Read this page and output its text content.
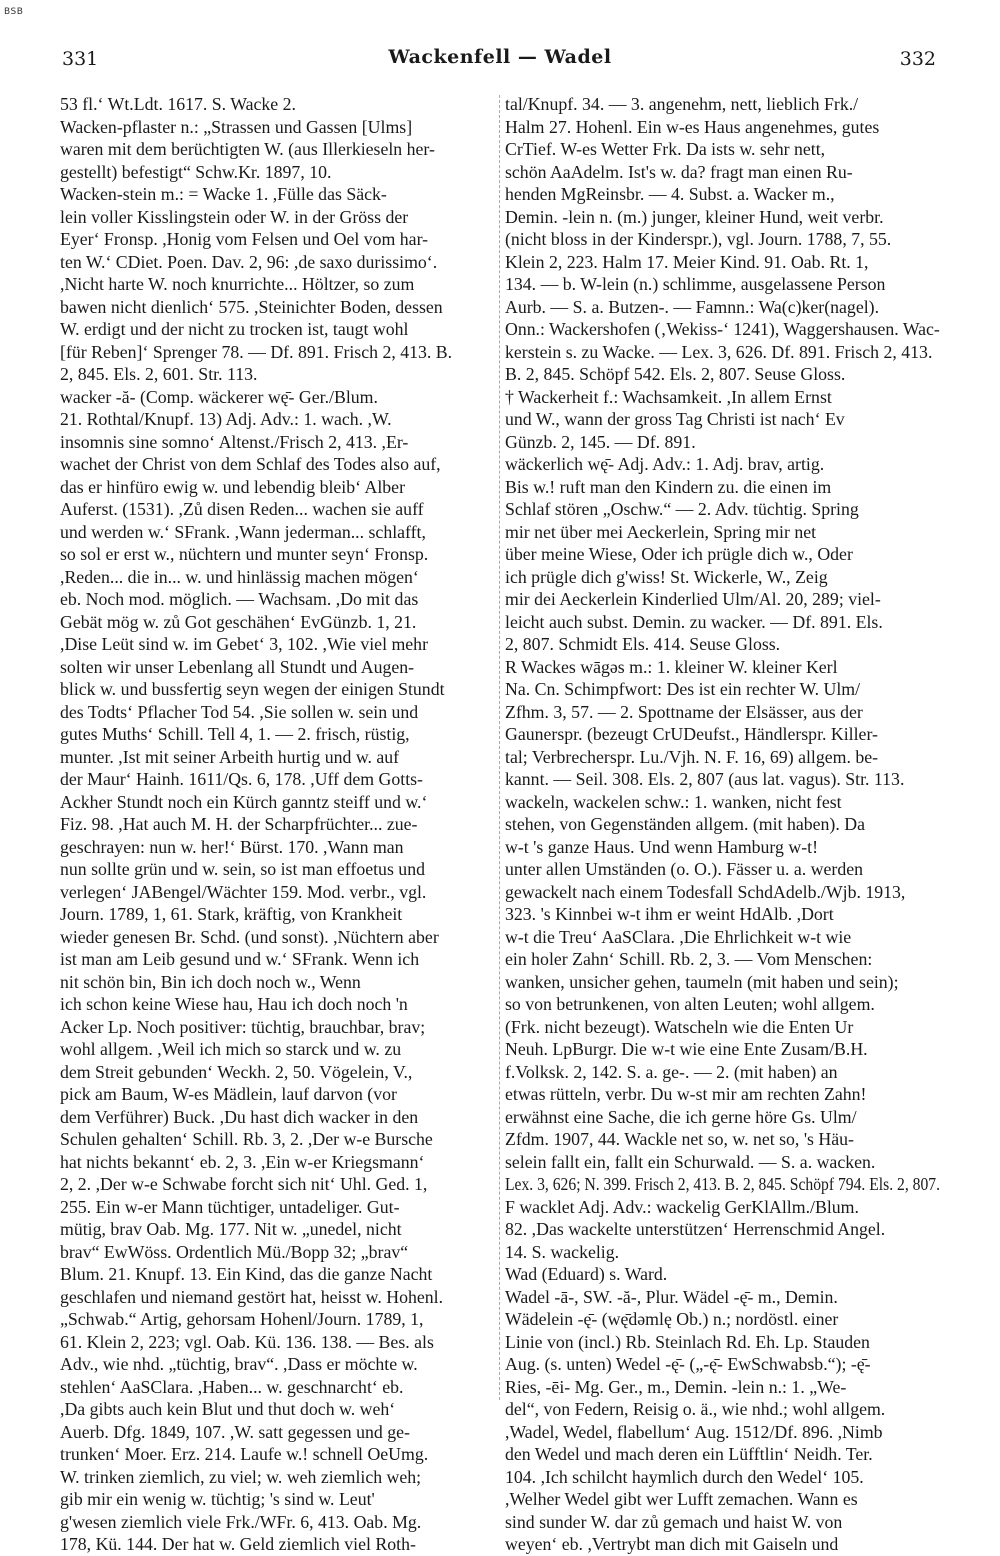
BSB
331	Wackenfell — Wadel	332
53 fl.‘ Wt.Ldt. 1617. S. Wacke 2.
Wacken-pflaster n.: „Strassen und Gassen [Ulms]
waren mit dem berüchtigten W. (aus Illerkieseln her-
gestellt) befestigt“ Schw.Kr. 1897, 10.
Wacken-stein m.: = Wacke 1. ,Fülle das Säck-
lein voller Kisslingstein oder W. in der Gröss der
Eyer‘ Fronsp. ,Honig vom Felsen und Oel vom har-
ten W.‘ CDiet. Poen. Dav. 2, 96: ,de saxo durissimo‘.
,Nicht harte W. noch knurrichte... Höltzer, so zum
bawen nicht dienlich‘ 575. ,Steinichter Boden, dessen
W. erdigt und der nicht zu trocken ist, taugt wohl
[für Reben]‘ Sprenger 78. — Df. 891. Frisch 2, 413. B.
2, 845. Els. 2, 601. Str. 113.
wacker -ă- (Comp. wäckerer wę̄- Ger./Blum.
21. Rothtal/Knupf. 13) Adj. Adv.: 1. wach. ,W.
insomnis sine somno‘ Altenst./Frisch 2, 413. ,Er-
wachet der Christ von dem Schlaf des Todes also auf,
das er hinfüro ewig w. und lebendig bleib‘ Alber
Auferst. (1531). ,Zů disen Reden... wachen sie auff
und werden w.‘ SFrank. ,Wann jederman... schlafft,
so sol er erst w., nüchtern und munter seyn‘ Fronsp.
,Reden... die in... w. und hinlässig machen mögen‘
eb. Noch mod. möglich. — Wachsam. ,Do mit das
Gebät mög w. zů Got geschähen‘ EvGünzb. 1, 21.
,Dise Leüt sind w. im Gebet‘ 3, 102. ,Wie viel mehr
solten wir unser Lebenlang all Stundt und Augen-
blick w. und bussfertig seyn wegen der einigen Stundt
des Todts‘ Pflacher Tod 54. ,Sie sollen w. sein und
gutes Muths‘ Schill. Tell 4, 1. — 2. frisch, rüstig,
munter. ,Ist mit seiner Arbeith hurtig und w. auf
der Maur‘ Hainh. 1611/Qs. 6, 178. ,Uff dem Gotts-
Ackher Stundt noch ein Kürch ganntz steiff und w.‘
Fiz. 98. ,Hat auch M. H. der Scharpfrüchter... zue-
geschrayen: nun w. her!‘ Bürst. 170. ,Wann man
nun sollte grün und w. sein, so ist man effoetus und
verlegen‘ JABengel/Wächter 159. Mod. verbr., vgl.
Journ. 1789, 1, 61. Stark, kräftig, von Krankheit
wieder genesen Br. Schd. (und sonst). ,Nüchtern aber
ist man am Leib gesund und w.‘ SFrank. Wenn ich
nit schön bin, Bin ich doch noch w., Wenn
ich schon keine Wiese hau, Hau ich doch noch 'n
Acker Lp. Noch positiver: tüchtig, brauchbar, brav;
wohl allgem. ,Weil ich mich so starck und w. zu
dem Streit gebunden‘ Weckh. 2, 50. Vögelein, V.,
pick am Baum, W-es Mädlein, lauf darvon (vor
dem Verführer) Buck. ,Du hast dich wacker in den
Schulen gehalten‘ Schill. Rb. 3, 2. ,Der w-e Bursche
hat nichts bekannt‘ eb. 2, 3. ,Ein w-er Kriegsmann‘
2, 2. ,Der w-e Schwabe forcht sich nit‘ Uhl. Ged. 1,
255. Ein w-er Mann tüchtiger, untadeliger. Gut-
mütig, brav Oab. Mg. 177. Nit w. „unedel, nicht
brav“ EwWöss. Ordentlich Mü./Bopp 32; „brav“
Blum. 21. Knupf. 13. Ein Kind, das die ganze Nacht
geschlafen und niemand gestört hat, heisst w. Hohenl.
„Schwab.“ Artig, gehorsam Hohenl/Journ. 1789, 1,
61. Klein 2, 223; vgl. Oab. Kü. 136. 138. — Bes. als
Adv., wie nhd. „tüchtig, brav“. ,Dass er möchte w.
stehlen‘ AaSClara. ,Haben... w. geschnarcht‘ eb.
,Da gibts auch kein Blut und thut doch w. weh‘
Auerb. Dfg. 1849, 107. ,W. satt gegessen und ge-
trunken‘ Moer. Erz. 214. Laufe w.! schnell OeUmg.
W. trinken ziemlich, zu viel; w. weh ziemlich weh;
gib mir ein wenig w. tüchtig; 's sind w. Leut'
g'wesen ziemlich viele Frk./WFr. 6, 413. Oab. Mg.
178, Kü. 144. Der hat w. Geld ziemlich viel Roth-
tal/Knupf. 34. — 3. angenehm, nett, lieblich Frk./
Halm 27. Hohenl. Ein w-es Haus angenehmes, gutes
CrTief. W-es Wetter Frk. Da ists w. sehr nett,
schön AaAdelm. Ist's w. da? fragt man einen Ru-
henden MgReinsbr. — 4. Subst. a. Wacker m.,
Demin. -lein n. (m.) junger, kleiner Hund, weit verbr.
(nicht bloss in der Kinderspr.), vgl. Journ. 1788, 7, 55.
Klein 2, 223. Halm 17. Meier Kind. 91. Oab. Rt. 1,
134. — b. W-lein (n.) schlimme, ausgelassene Person
Aurb. — S. a. Butzen-. — Famnn.: Wa(c)ker(nagel).
Onn.: Wackershofen (‚Wekiss-‘ 1241), Waggershausen. Wac-
kerstein s. zu Wacke. — Lex. 3, 626. Df. 891. Frisch 2, 413.
B. 2, 845. Schöpf 542. Els. 2, 807. Seuse Gloss.
† Wackerheit f.: Wachsamkeit. ,In allem Ernst
und W., wann der gross Tag Christi ist nach‘ Ev
Günzb. 2, 145. — Df. 891.
wäckerlich wę̄- Adj. Adv.: 1. Adj. brav, artig.
Bis w.! ruft man den Kindern zu. die einen im
Schlaf stören „Oschw.“ — 2. Adv. tüchtig. Spring
mir net über mei Aeckerlein, Spring mir net
über meine Wiese, Oder ich prügle dich w., Oder
ich prügle dich g'wiss! St. Wickerle, W., Zeig
mir dei Aeckerlein Kinderlied Ulm/Al. 20, 289; viel-
leicht auch subst. Demin. zu wacker. — Df. 891. Els.
2, 807. Schmidt Els. 414. Seuse Gloss.
R Wackes wāgəs m.: 1. kleiner W. kleiner Kerl
Na. Cn. Schimpfwort: Des ist ein rechter W. Ulm/
Zfhm. 3, 57. — 2. Spottname der Elsässer, aus der
Gaunerspr. (bezeugt CrUDeufst., Händlerspr. Killer-
tal; Verbrecherspr. Lu./Vjh. N. F. 16, 69) allgem. be-
kannt. — Seil. 308. Els. 2, 807 (aus lat. vagus). Str. 113.
wackeln, wackelen schw.: 1. wanken, nicht fest
stehen, von Gegenständen allgem. (mit haben). Da
w-t 's ganze Haus. Und wenn Hamburg w-t!
unter allen Umständen (o. O.). Fässer u. a. werden
gewackelt nach einem Todesfall SchdAdelb./Wjb. 1913,
323. 's Kinnbei w-t ihm er weint HdAlb. ,Dort
w-t die Treu‘ AaSClara. ,Die Ehrlichkeit w-t wie
ein holer Zahn‘ Schill. Rb. 2, 3. — Vom Menschen:
wanken, unsicher gehen, taumeln (mit haben und sein);
so von betrunkenen, von alten Leuten; wohl allgem.
(Frk. nicht bezeugt). Watscheln wie die Enten Ur
Neuh. LpBurgr. Die w-t wie eine Ente Zusam/B.H.
f.Volksk. 2, 142. S. a. ge-. — 2. (mit haben) an
etwas rütteln, verbr. Du w-st mir am rechten Zahn!
erwähnst eine Sache, die ich gerne höre Gs. Ulm/
Zfdm. 1907, 44. Wackle net so, w. net so, 's Häu-
selein fallt ein, fallt ein Schurwald. — S. a. wacken.
Lex. 3, 626; N. 399. Frisch 2, 413. B. 2, 845. Schöpf 794. Els. 2, 807.
F wacklet Adj. Adv.: wackelig GerKlAllm./Blum.
82. ,Das wackelte unterstützen‘ Herrenschmid Angel.
14. S. wackelig.
Wad (Eduard) s. Ward.
Wadel -ā-, SW. -ă-, Plur. Wädel -ę̄- m., Demin.
Wädelein -ę̄- (wę̄dəmlę Ob.) n.; nordöstl. einer
Linie von (incl.) Rb. Steinlach Rd. Eh. Lp. Stauden
Aug. (s. unten) Wedel -ę̄- („-ę̄- EwSchwabsb.“); -ę̄-
Ries, -ēi- Mg. Ger., m., Demin. -lein n.: 1. „We-
del“, von Federn, Reisig o. ä., wie nhd.; wohl allgem.
,Wadel, Wedel, flabellum‘ Aug. 1512/Df. 896. ,Nimb
den Wedel und mach deren ein Lüfftlin‘ Neidh. Ter.
104. ,Ich schilcht haymlich durch den Wedel‘ 105.
,Welher Wedel gibt wer Lufft zemachen. Wann es
sind sunder W. dar zů gemach und haist W. von
weyen‘ eb. ,Vertrybt man dich mit Gaiseln und
